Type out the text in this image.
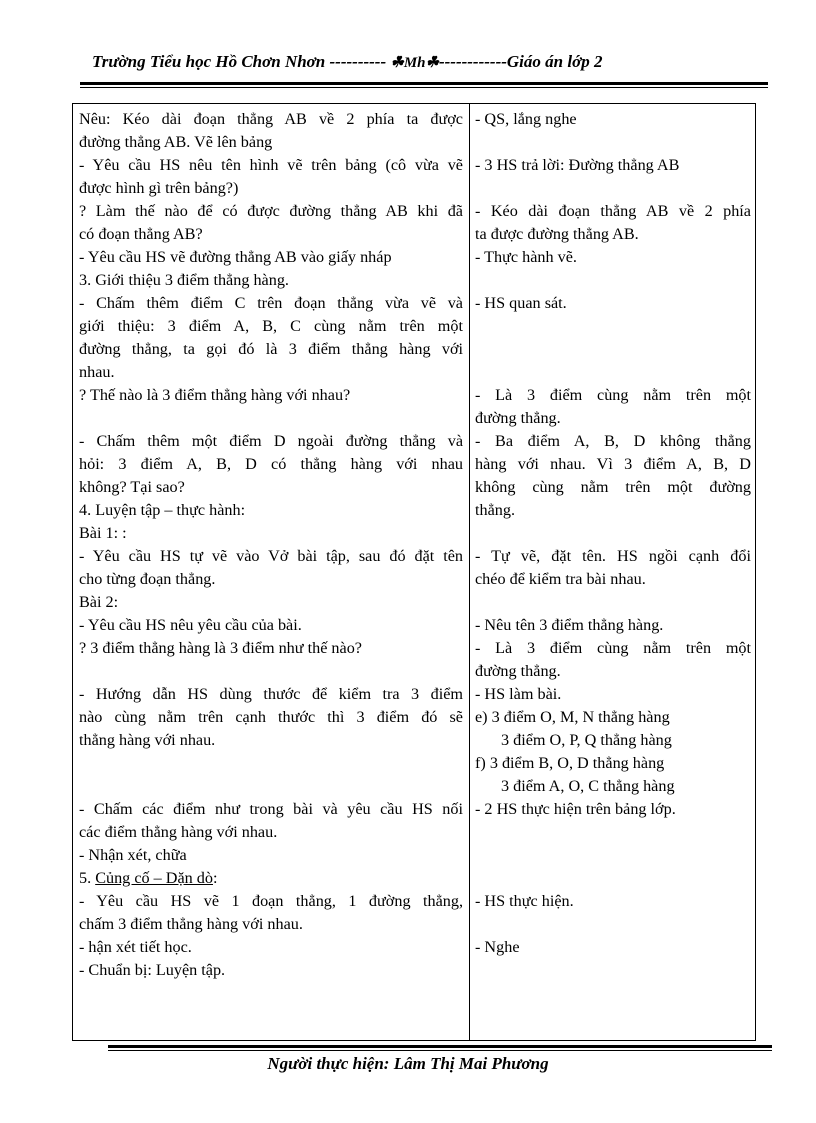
Trường Tiểu học Hồ Chơn Nhơn ---------- ☘Mh☘------------Giáo án lớp 2
Nêu: Kéo dài đoạn thẳng AB về 2 phía ta được
đường thẳng AB. Vẽ lên bảng
- Yêu cầu HS nêu tên hình vẽ trên bảng (cô vừa vẽ
được hình gì trên bảng?)
? Làm thế nào để có được đường thẳng AB khi đã
có đoạn thẳng AB?
- Yêu cầu HS vẽ đường thẳng AB vào giấy nháp
3. Giới thiệu 3 điểm thẳng hàng.
- Chấm thêm điểm C trên đoạn thẳng vừa vẽ và
giới thiệu: 3 điểm A, B, C cùng nằm trên một
đường thẳng, ta gọi đó là 3 điểm thẳng hàng với
nhau.
? Thế nào là 3 điểm thẳng hàng với nhau?
- Chấm thêm một điểm D ngoài đường thẳng và
hỏi: 3 điểm A, B, D có thẳng hàng với nhau
không? Tại sao?
4. Luyện tập – thực hành:
Bài 1: :
- Yêu cầu HS tự vẽ vào Vở bài tập, sau đó đặt tên
cho từng đoạn thẳng.
Bài 2:
- Yêu cầu HS nêu yêu cầu của bài.
? 3 điểm thẳng hàng là 3 điểm như thế nào?
- Hướng dẫn HS dùng thước để kiểm tra 3 điểm
nào cùng nằm trên cạnh thước thì 3 điểm đó sẽ
thẳng hàng với nhau.
- Chấm các điểm như trong bài và yêu cầu HS nối
các điểm thẳng hàng với nhau.
- Nhận xét, chữa
5. Củng cố – Dặn dò:
- Yêu cầu HS vẽ 1 đoạn thẳng, 1 đường thẳng,
chấm 3 điểm thẳng hàng với nhau.
- hận xét tiết học.
- Chuẩn bị: Luyện tập.
- QS, lắng nghe
- 3 HS trả lời: Đường thẳng AB
- Kéo dài đoạn thẳng AB về 2 phía
ta được đường thẳng AB.
- Thực hành vẽ.
- HS quan sát.
- Là 3 điểm cùng nằm trên một
đường thẳng.
- Ba điểm A, B, D không thẳng
hàng với nhau. Vì 3 điểm A, B, D
không cùng nằm trên một đường
thẳng.
- Tự vẽ, đặt tên. HS ngồi cạnh đổi
chéo để kiểm tra bài nhau.
- Nêu tên 3 điểm thẳng hàng.
- Là 3 điểm cùng nằm trên một
đường thẳng.
- HS làm bài.
e) 3 điểm O, M, N thẳng hàng
3 điểm O, P, Q thẳng hàng
f) 3 điểm B, O, D thẳng hàng
3 điểm A, O, C thẳng hàng
- 2 HS thực hiện trên bảng lớp.
- HS thực hiện.
- Nghe
Người thực hiện: Lâm Thị Mai Phương
